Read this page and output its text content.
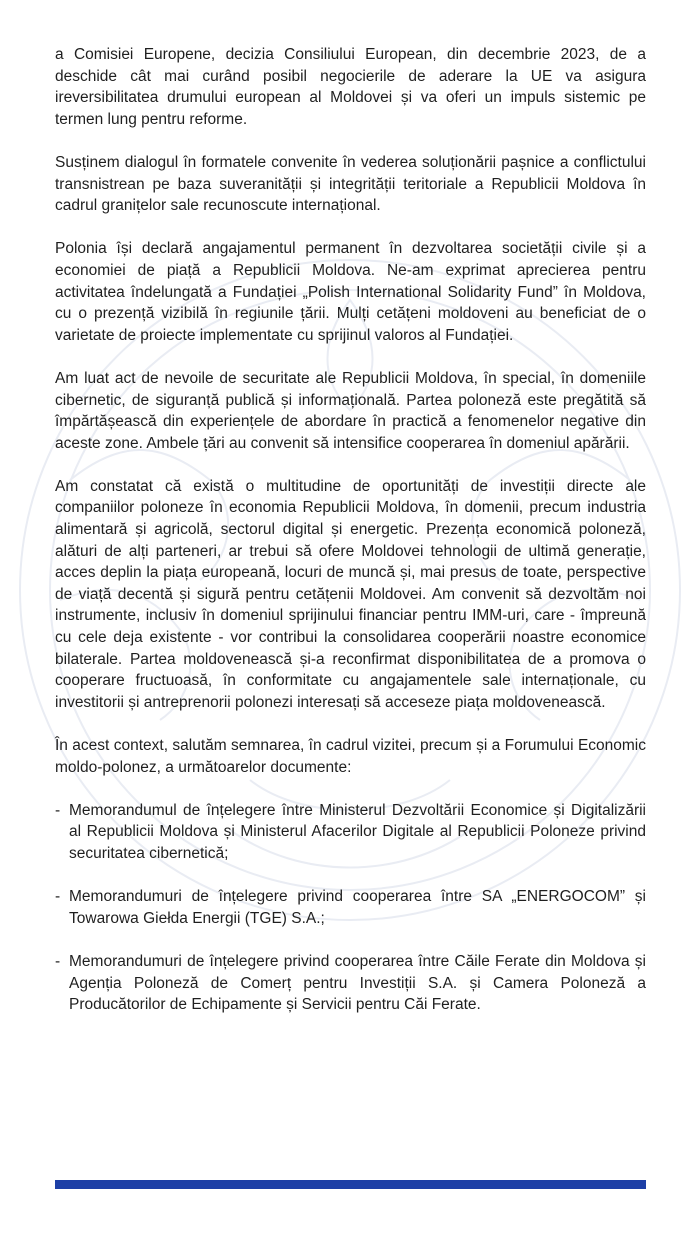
a Comisiei Europene, decizia Consiliului European, din decembrie 2023, de a deschide cât mai curând posibil negocierile de aderare la UE va asigura ireversibilitatea drumului european al Moldovei și va oferi un impuls sistemic pe termen lung pentru reforme.

Susținem dialogul în formatele convenite în vederea soluționării pașnice a conflictului transnistrean pe baza suveranității și integrității teritoriale a Republicii Moldova în cadrul granițelor sale recunoscute internațional.

Polonia își declară angajamentul permanent în dezvoltarea societății civile și a economiei de piață a Republicii Moldova. Ne-am exprimat aprecierea pentru activitatea îndelungată a Fundației „Polish International Solidarity Fund” în Moldova, cu o prezență vizibilă în regiunile țării. Mulți cetățeni moldoveni au beneficiat de o varietate de proiecte implementate cu sprijinul valoros al Fundației.

Am luat act de nevoile de securitate ale Republicii Moldova, în special, în domeniile cibernetic, de siguranță publică și informațională. Partea poloneză este pregătită să împărtășească din experiențele de abordare în practică a fenomenelor negative din aceste zone. Ambele țări au convenit să intensifice cooperarea în domeniul apărării.

Am constatat că există o multitudine de oportunități de investiții directe ale companiilor poloneze în economia Republicii Moldova, în domenii, precum industria alimentară și agricolă, sectorul digital și energetic. Prezența economică poloneză, alături de alți parteneri, ar trebui să ofere Moldovei tehnologii de ultimă generație, acces deplin la piața europeană, locuri de muncă și, mai presus de toate, perspective de viață decentă și sigură pentru cetățenii Moldovei. Am convenit să dezvoltăm noi instrumente, inclusiv în domeniul sprijinului financiar pentru IMM-uri, care - împreună cu cele deja existente - vor contribui la consolidarea cooperării noastre economice bilaterale. Partea moldovenească și-a reconfirmat disponibilitatea de a promova o cooperare fructuoasă, în conformitate cu angajamentele sale internaționale, cu investitorii și antreprenorii polonezi interesați să acceseze piața moldovenească.

În acest context, salutăm semnarea, în cadrul vizitei, precum și a Forumului Economic moldo-polonez, a următoarelor documente:

- Memorandumul de înțelegere între Ministerul Dezvoltării Economice și Digitalizării al Republicii Moldova și Ministerul Afacerilor Digitale al Republicii Poloneze privind securitatea cibernetică;
- Memorandumuri de înțelegere privind cooperarea între SA „ENERGOCOM” și Towarowa Giełda Energii (TGE) S.A.;
- Memorandumuri de înțelegere privind cooperarea între Căile Ferate din Moldova și Agenția Poloneză de Comerț pentru Investiții S.A. și Camera Poloneză a Producătorilor de Echipamente și Servicii pentru Căi Ferate.
